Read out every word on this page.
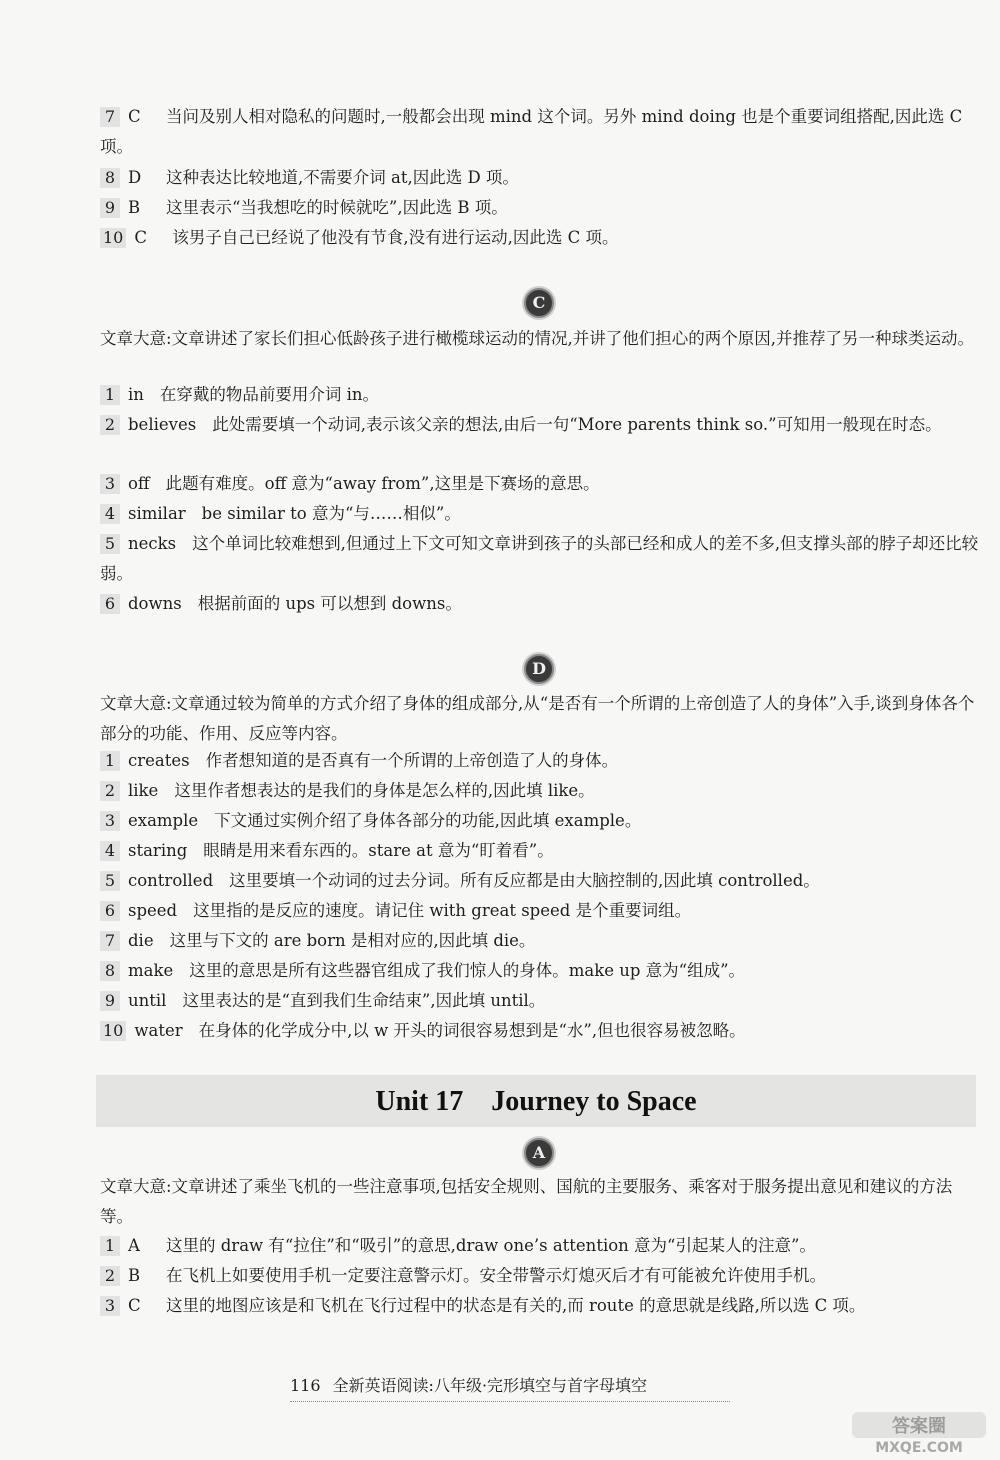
7 C 当问及别人相对隐私的问题时,一般都会出现 mind 这个词。另外 mind doing 也是个重要词组搭配,因此选 C 项。
8 D 这种表达比较地道,不需要介词 at,因此选 D 项。
9 B 这里表示“当我想吃的时候就吃”,因此选 B 项。
10 C 该男子自己已经说了他没有节食,没有进行运动,因此选 C 项。
C
文章大意:文章讲述了家长们担心低龄孩子进行橄榄球运动的情况,并讲了他们担心的两个原因,并推荐了另一种球类运动。
1 in 在穿戴的物品前要用介词 in。
2 believes 此处需要填一个动词,表示该父亲的想法,由后一句“More parents think so.”可知用一般现在时态。
3 off 此题有难度。off 意为“away from”,这里是下赛场的意思。
4 similar be similar to 意为“与……相似”。
5 necks 这个单词比较难想到,但通过上下文可知文章讲到孩子的头部已经和成人的差不多,但支撑头部的脖子却还比较弱。
6 downs 根据前面的 ups 可以想到 downs。
D
文章大意:文章通过较为简单的方式介绍了身体的组成部分,从“是否有一个所谓的上帝创造了人的身体”入手,谈到身体各个部分的功能、作用、反应等内容。
1 creates 作者想知道的是否真有一个所谓的上帝创造了人的身体。
2 like 这里作者想表达的是我们的身体是怎么样的,因此填 like。
3 example 下文通过实例介绍了身体各部分的功能,因此填 example。
4 staring 眼睛是用来看东西的。stare at 意为“盯着看”。
5 controlled 这里要填一个动词的过去分词。所有反应都是由大脑控制的,因此填 controlled。
6 speed 这里指的是反应的速度。请记住 with great speed 是个重要词组。
7 die 这里与下文的 are born 是相对应的,因此填 die。
8 make 这里的意思是所有这些器官组成了我们惊人的身体。make up 意为“组成”。
9 until 这里表达的是“直到我们生命结束”,因此填 until。
10 water 在身体的化学成分中,以 w 开头的词很容易想到是“水”,但也很容易被忽略。
Unit 17    Journey to Space
A
文章大意:文章讲述了乘坐飞机的一些注意事项,包括安全规则、国航的主要服务、乘客对于服务提出意见和建议的方法等。
1 A 这里的 draw 有“拉住”和“吸引”的意思,draw one’s attention 意为“引起某人的注意”。
2 B 在飞机上如要使用手机一定要注意警示灯。安全带警示灯熄灭后才有可能被允许使用手机。
3 C 这里的地图应该是和飞机在飞行过程中的状态是有关的,而 route 的意思就是线路,所以选 C 项。
116 全新英语阅读:八年级·完形填空与首字母填空
答案圈
MXQE.COM
